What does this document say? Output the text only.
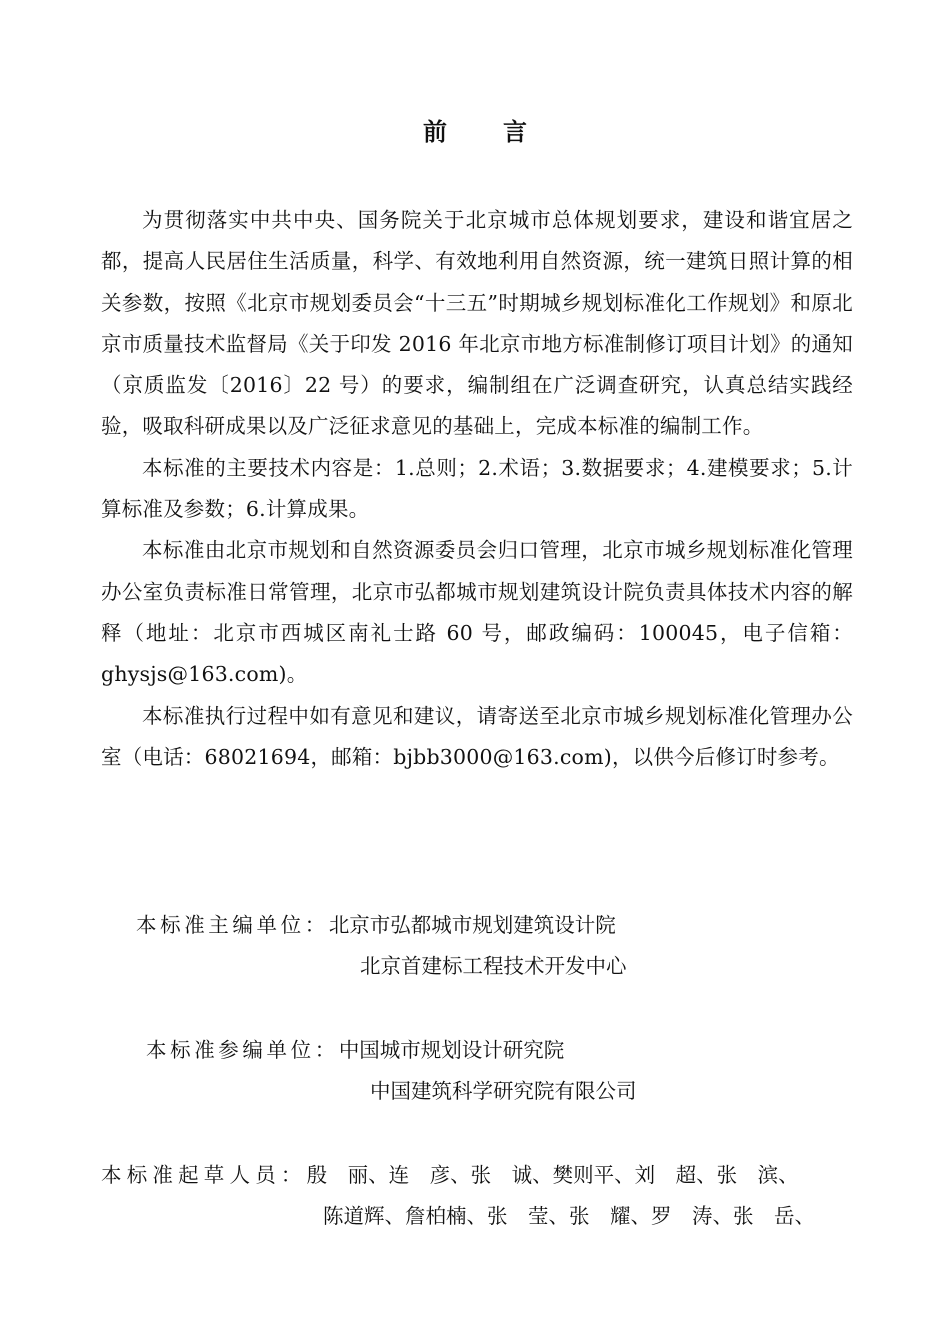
前言

为贯彻落实中共中央、国务院关于北京城市总体规划要求，建设和谐宜居之都，提高人民居住生活质量，科学、有效地利用自然资源，统一建筑日照计算的相关参数，按照《北京市规划委员会“十三五”时期城乡规划标准化工作规划》和原北京市质量技术监督局《关于印发 2016 年北京市地方标准制修订项目计划》的通知（京质监发〔2016〕22 号）的要求，编制组在广泛调查研究，认真总结实践经验，吸取科研成果以及广泛征求意见的基础上，完成本标准的编制工作。

本标准的主要技术内容是：1.总则；2.术语；3.数据要求；4.建模要求；5.计算标准及参数；6.计算成果。

本标准由北京市规划和自然资源委员会归口管理，北京市城乡规划标准化管理办公室负责标准日常管理，北京市弘都城市规划建筑设计院负责具体技术内容的解释（地址：北京市西城区南礼士路 60 号，邮政编码：100045，电子信箱：ghysjs@163.com)。

本标准执行过程中如有意见和建议，请寄送至北京市城乡规划标准化管理办公室（电话：68021694，邮箱：bjbb3000@163.com)，以供今后修订时参考。

本标准主编单位：北京市弘都城市规划建筑设计院
北京首建标工程技术开发中心
本标准参编单位：中国城市规划设计研究院
中国建筑科学研究院有限公司
本标准起草人员：殷　丽、连　彦、张　诚、樊则平、刘　超、张　滨、
陈道辉、詹柏楠、张　莹、张　耀、罗　涛、张　岳、
